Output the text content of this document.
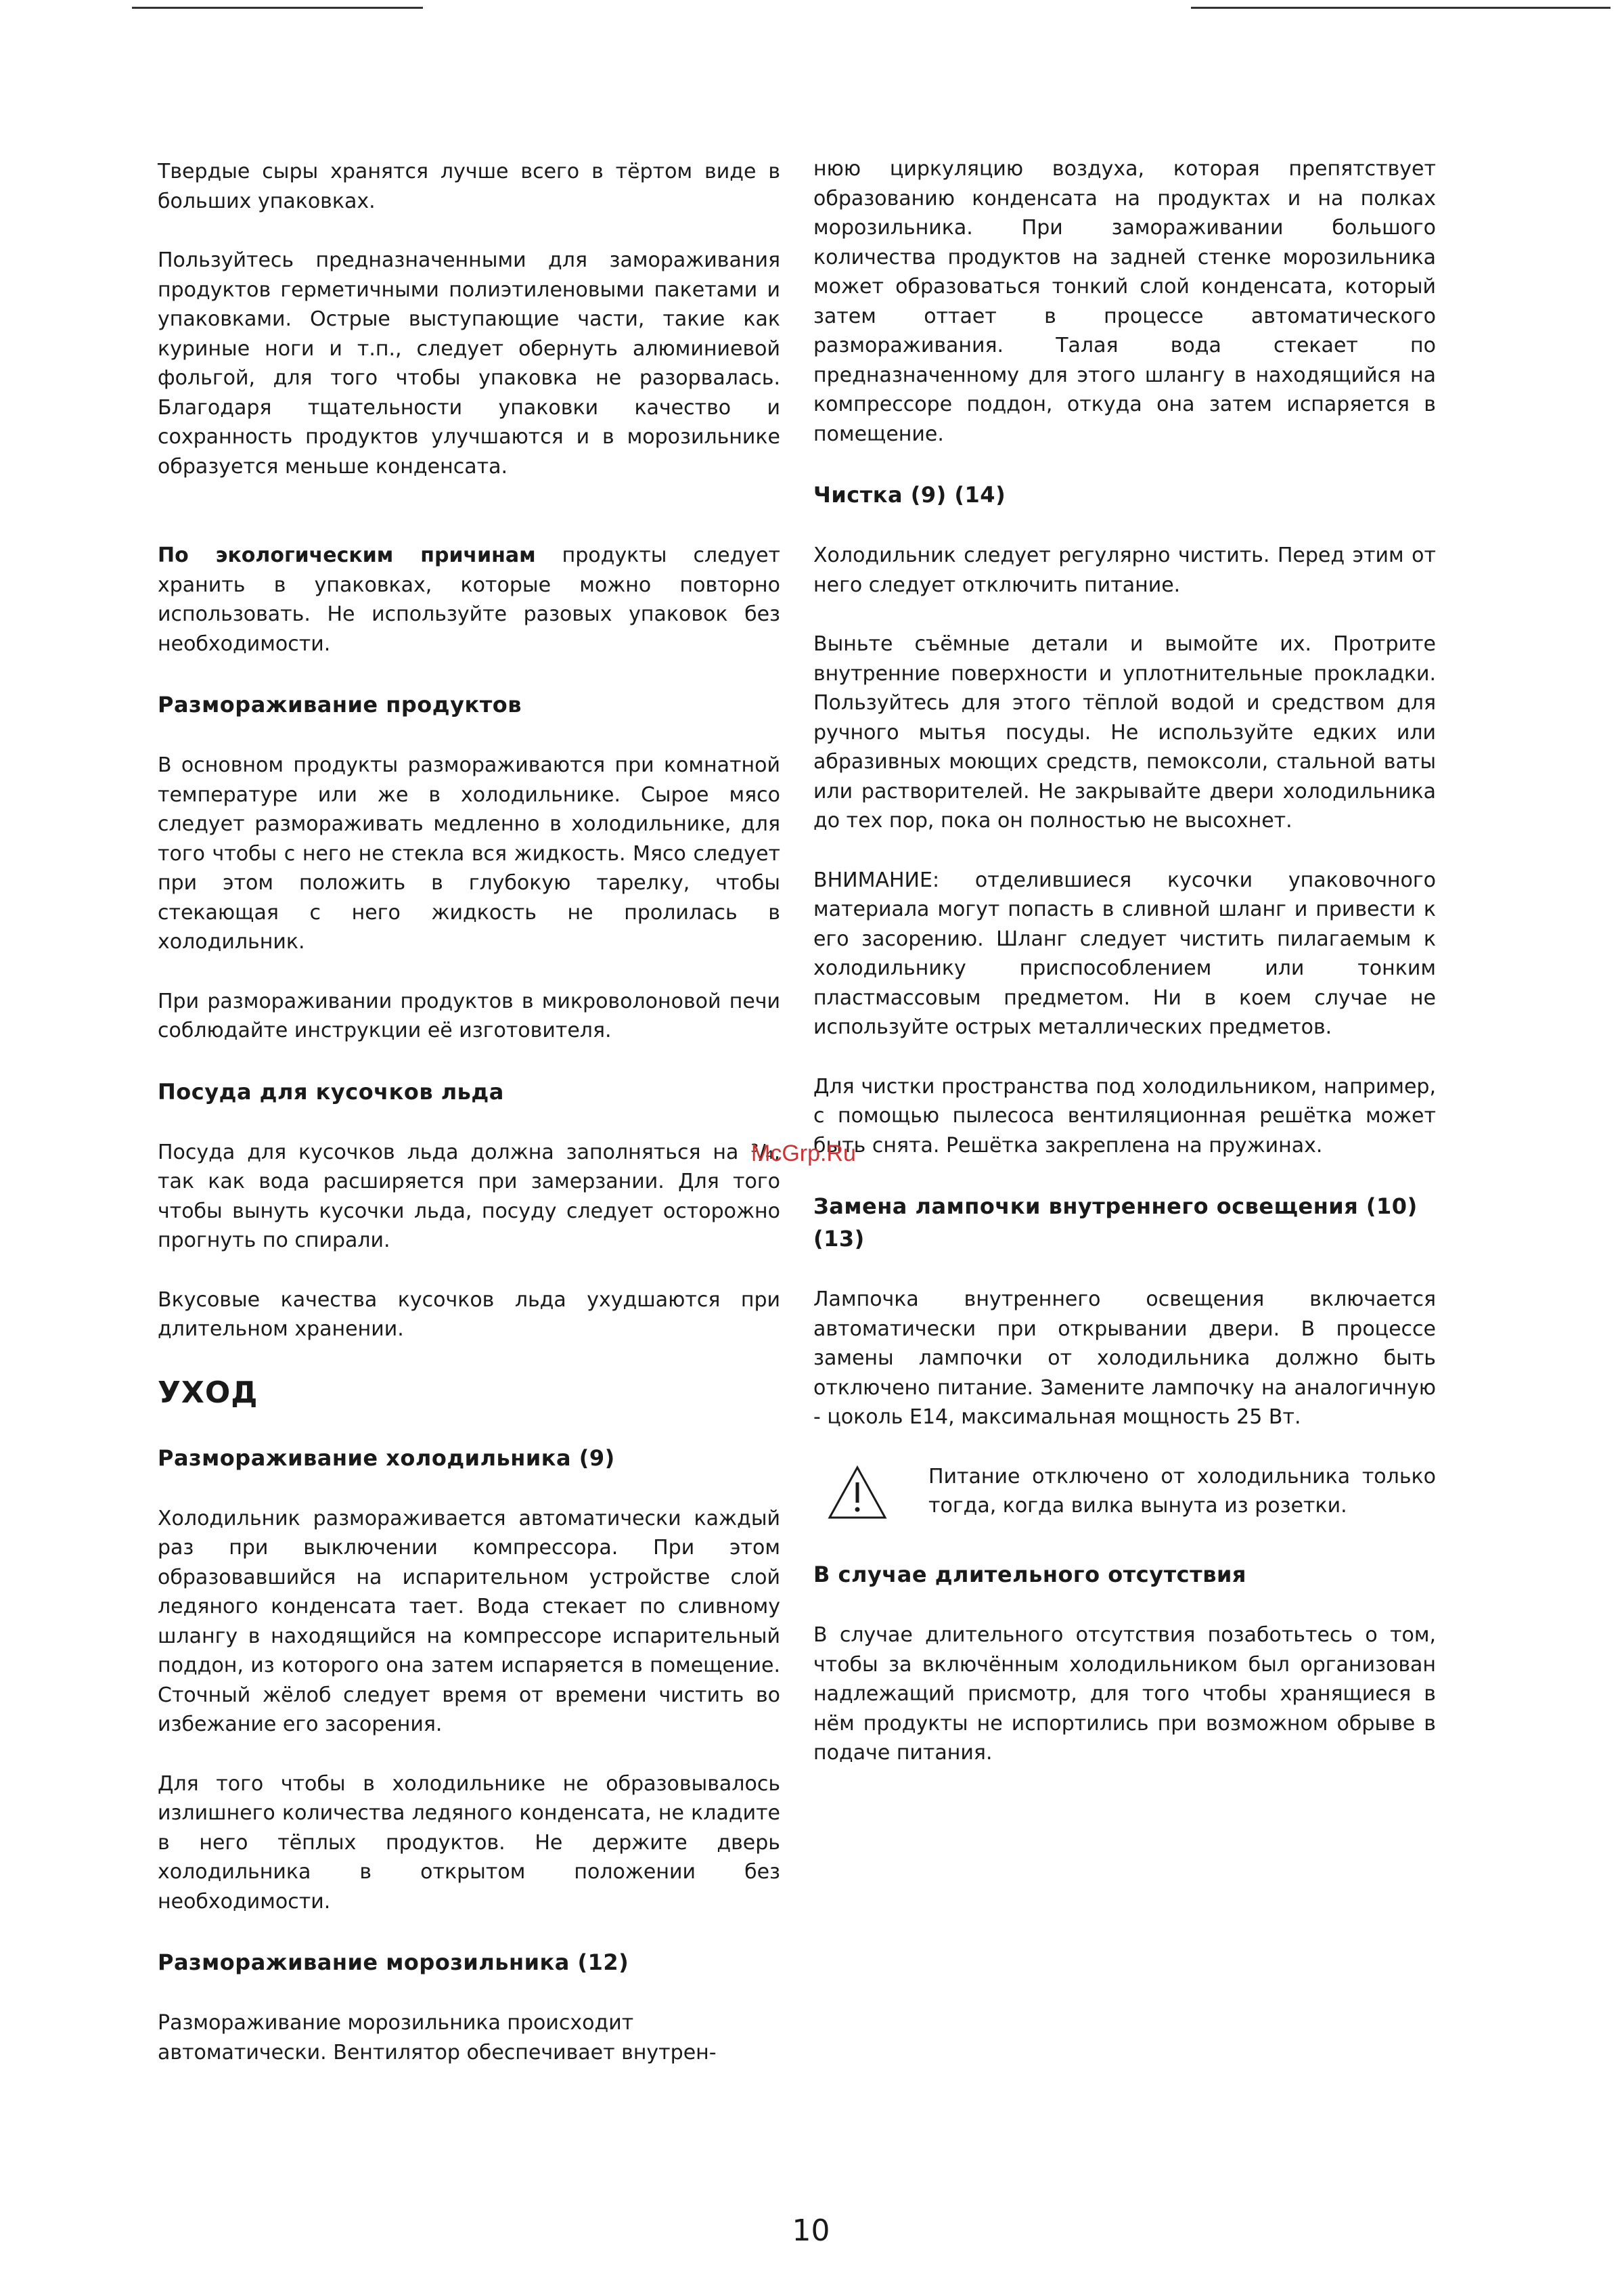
Твердые сыры хранятся лучше всего в тёртом виде в больших упаковках.

Пользуйтесь предназначенными для замораживания продуктов герметичными полиэтиленовыми пакетами и упаковками. Острые выступающие части, такие как куриные ноги и т.п., следует обернуть алюминиевой фольгой, для того чтобы упаковка не разорвалась. Благодаря тщательности упаковки качество и сохранность продуктов улучшаются и в морозильнике образуется меньше конденсата.

По экологическим причинам продукты следует хранить в упаковках, которые можно повторно использовать. Не используйте разовых упаковок без необходимости.

Размораживание продуктов

В основном продукты размораживаются при комнатной температуре или же в холодильнике. Сырое мясо следует размораживать медленно в холодильнике, для того чтобы с него не стекла вся жидкость. Мясо следует при этом положить в глубокую тарелку, чтобы стекающая с него жидкость не пролилась в холодильник.

При размораживании продуктов в микроволоновой печи соблюдайте инструкции её изготовителя.

Посуда для кусочков льда

Посуда для кусочков льда должна заполняться на ³/₄, так как вода расширяется при замерзании. Для того чтобы вынуть кусочки льда, посуду следует осторожно прогнуть по спирали.

Вкусовые качества кусочков льда ухудшаются при длительном хранении.

УХОД
Размораживание холодильника (9)

Холодильник размораживается автоматически каждый раз при выключении компрессора. При этом образовавшийся на испарительном устройстве слой ледяного конденсата тает. Вода стекает по сливному шлангу в находящийся на компрессоре испарительный поддон, из которого она затем испаряется в помещение. Сточный жёлоб следует время от времени чистить во избежание его засорения.

Для того чтобы в холодильнике не образовывалось излишнего количества ледяного конденсата, не кладите в него тёплых продуктов. Не держите дверь холодильника в открытом положении без необходимости.

Размораживание морозильника (12)

Размораживание морозильника происходит автоматически. Вентилятор обеспечивает внутрен-

нюю циркуляцию воздуха, которая препятствует образованию конденсата на продуктах и на полках морозильника. При замораживании большого количества продуктов на задней стенке морозильника может образоваться тонкий слой конденсата, который затем оттает в процессе автоматического размораживания. Талая вода стекает по предназначенному для этого шлангу в находящийся на компрессоре поддон, откуда она затем испаряется в помещение.

Чистка (9) (14)

Холодильник следует регулярно чистить. Перед этим от него следует отключить питание.

Выньте съёмные детали и вымойте их. Протрите внутренние поверхности и уплотнительные прокладки. Пользуйтесь для этого тёплой водой и средством для ручного мытья посуды. Не используйте едких или абразивных моющих средств, пемоксоли, стальной ваты или растворителей. Не закрывайте двери холодильника до тех пор, пока он полностью не высохнет.

ВНИМАНИЕ: отделившиеся кусочки упаковочного материала могут попасть в сливной шланг и привести к его засорению. Шланг следует чистить пилагаемым к холодильнику приспособлением или тонким пластмассовым предметом. Ни в коем случае не используйте острых металлических предметов.

Для чистки пространства под холодильником, например, с помощью пылесоса вентиляционная решётка может быть снята. Решётка закреплена на пружинах.

Замена лампочки внутреннего освещения (10) (13)

Лампочка внутреннего освещения включается автоматически при открывании двери. В процессе замены лампочки от холодильника должно быть отключено питание. Замените лампочку на аналогичную - цоколь E14, максимальная мощность 25 Вт.

Питание отключено от холодильника только тогда, когда вилка вынута из розетки.
В случае длительного отсутствия

В случае длительного отсутствия позаботьтесь о том, чтобы за включённым холодильником был организован надлежащий присмотр, для того чтобы хранящиеся в нём продукты не испортились при возможном обрыве в подаче питания.

McGrp.Ru
10
